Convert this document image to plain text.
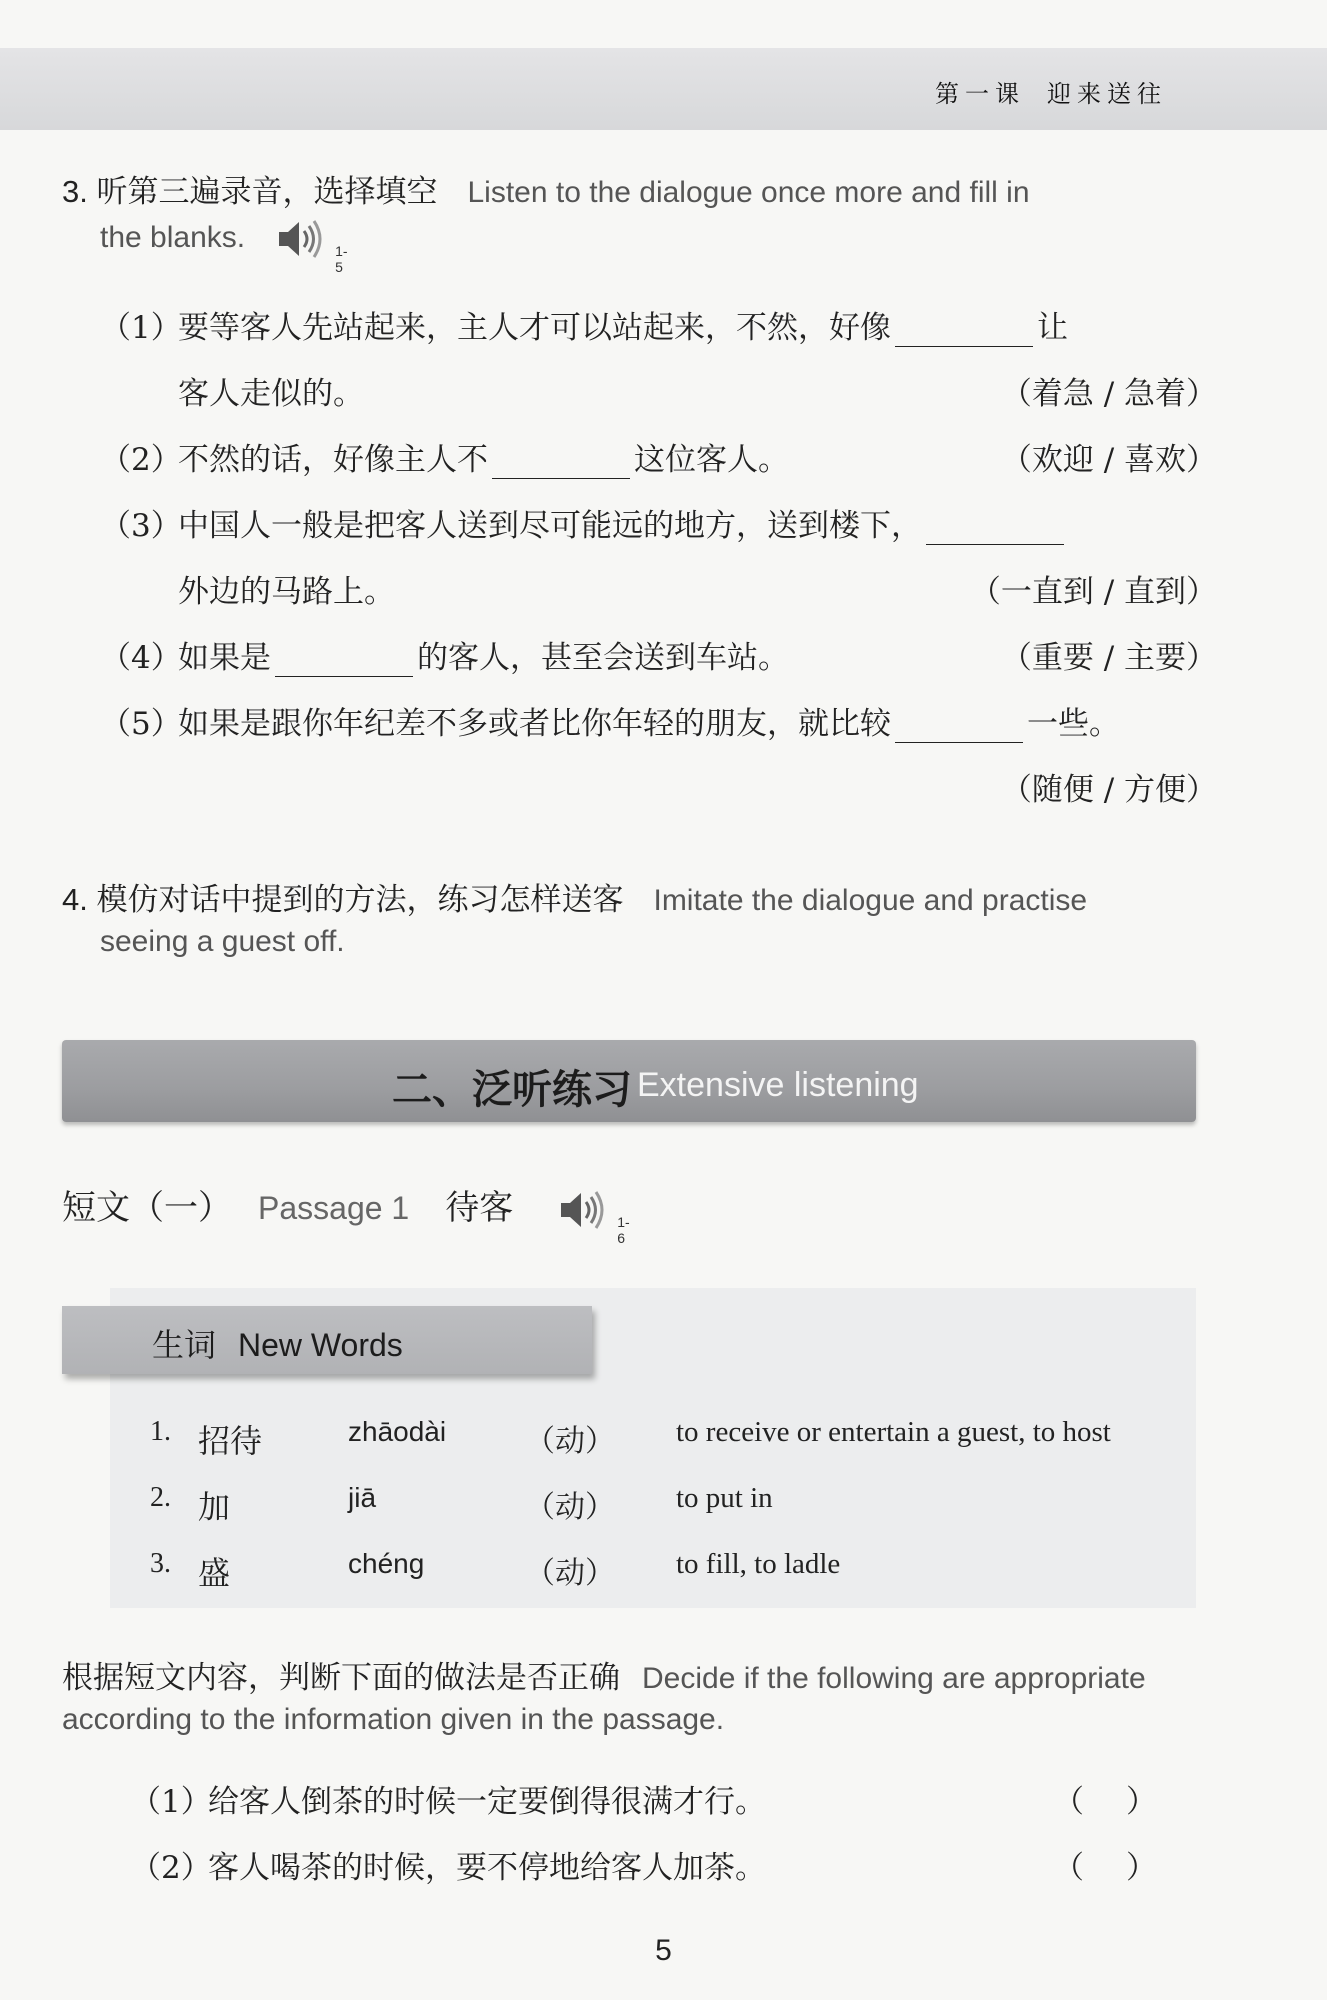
第一课 迎来送往
3. 听第三遍录音，选择填空 Listen to the dialogue once more and fill in
the blanks.	1-5
（1）要等客人先站起来，主人才可以站起来，不然，好像	让
客人走似的。	（着急 / 急着）
（2）不然的话，好像主人不	这位客人。	（欢迎 / 喜欢）
（3）中国人一般是把客人送到尽可能远的地方，送到楼下，
外边的马路上。	（一直到 / 直到）
（4）如果是	的客人，甚至会送到车站。	（重要 / 主要）
（5）如果是跟你年纪差不多或者比你年轻的朋友，就比较	一些。
（随便 / 方便）
4. 模仿对话中提到的方法，练习怎样送客 Imitate the dialogue and practise
seeing a guest off.
二、泛听练习 Extensive listening
短文（一） Passage 1 待客	1-6
生词 New Words
1. 招待	zhāodài	（动） to receive or entertain a guest, to host
2. 加	jiā	（动） to put in
3. 盛	chéng	（动） to fill, to ladle
根据短文内容，判断下面的做法是否正确 Decide if the following are appropriate
according to the information given in the passage.
（1）给客人倒茶的时候一定要倒得很满才行。	（）
（2）客人喝茶的时候，要不停地给客人加茶。	（）
5
